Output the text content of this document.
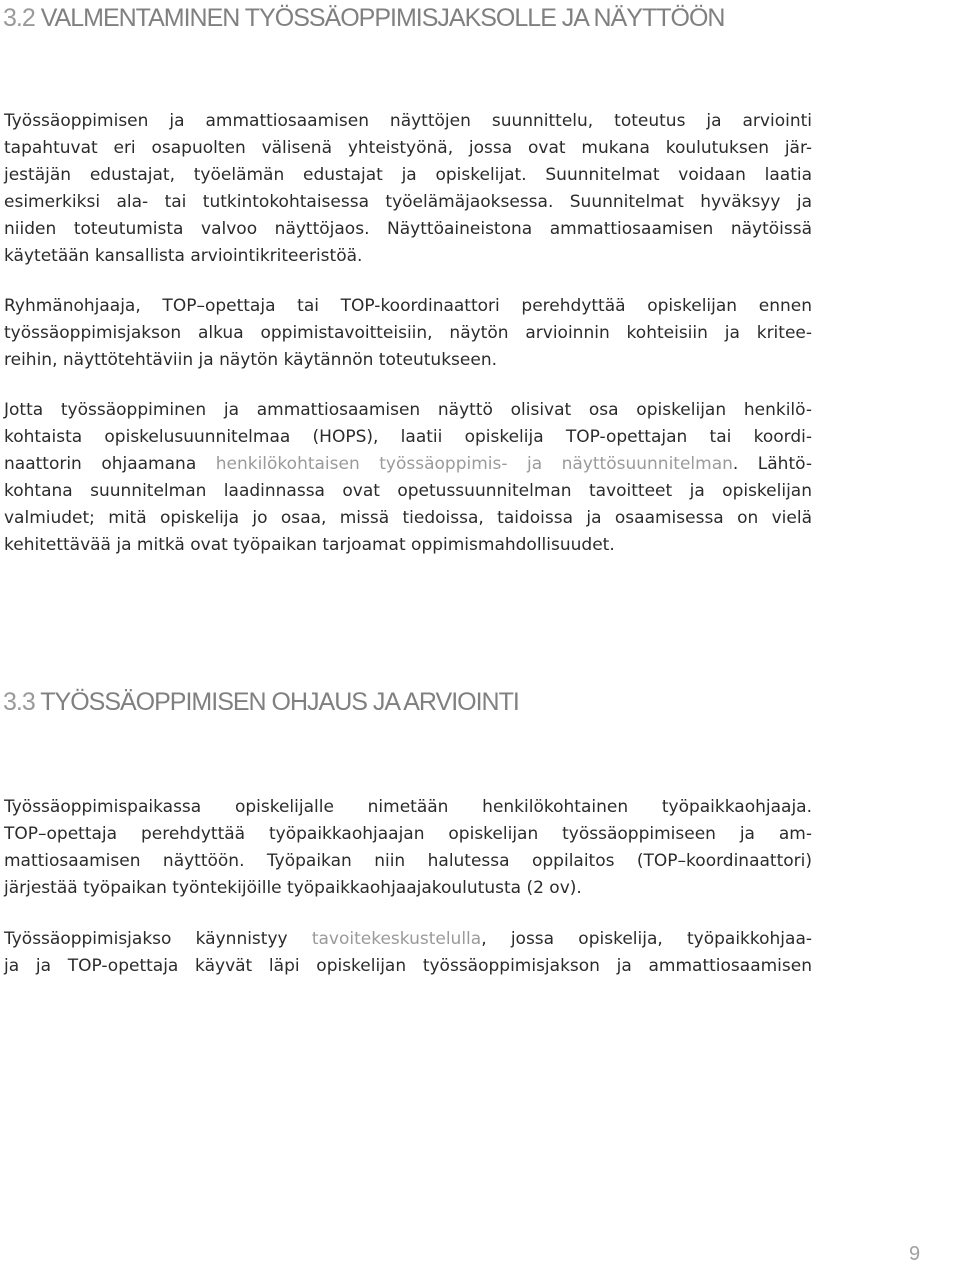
3.2 VALMENTAMINEN TYÖSSÄOPPIMISJAKSOLLE JA NÄYTTÖÖN

Työssäoppimisen ja ammattiosaamisen näyttöjen suunnittelu, toteutus ja arviointi
tapahtuvat eri osapuolten välisenä yhteistyönä, jossa ovat mukana koulutuksen jär-
jestäjän edustajat, työelämän edustajat ja opiskelijat. Suunnitelmat voidaan laatia
esimerkiksi ala- tai tutkintokohtaisessa työelämäjaoksessa. Suunnitelmat hyväksyy ja
niiden toteutumista valvoo näyttöjaos. Näyttöaineistona ammattiosaamisen näytöissä
käytetään kansallista arviointikriteeristöä.

Ryhmänohjaaja, TOP–opettaja tai TOP-koordinaattori perehdyttää opiskelijan ennen
työssäoppimisjakson alkua oppimistavoitteisiin, näytön arvioinnin kohteisiin ja kritee-
reihin, näyttötehtäviin ja näytön käytännön toteutukseen.

Jotta työssäoppiminen ja ammattiosaamisen näyttö olisivat osa opiskelijan henkilö-
kohtaista opiskelusuunnitelmaa (HOPS), laatii opiskelija TOP-opettajan tai koordi-
naattorin ohjaamana henkilökohtaisen työssäoppimis- ja näyttösuunnitelman. Lähtö-
kohtana suunnitelman laadinnassa ovat opetussuunnitelman tavoitteet ja opiskelijan
valmiudet; mitä opiskelija jo osaa, missä tiedoissa, taidoissa ja osaamisessa on vielä
kehitettävää ja mitkä ovat työpaikan tarjoamat oppimismahdollisuudet.

3.3 TYÖSSÄOPPIMISEN OHJAUS JA ARVIOINTI

Työssäoppimispaikassa opiskelijalle nimetään henkilökohtainen työpaikkaohjaaja.
TOP–opettaja perehdyttää työpaikkaohjaajan opiskelijan työssäoppimiseen ja am-
mattiosaamisen näyttöön. Työpaikan niin halutessa oppilaitos (TOP–koordinaattori)
järjestää työpaikan työntekijöille työpaikkaohjaajakoulutusta (2 ov).

Työssäoppimisjakso käynnistyy tavoitekeskustelulla, jossa opiskelija, työpaikkohjaa-
ja ja TOP-opettaja käyvät läpi opiskelijan työssäoppimisjakson ja ammattiosaamisen

9
